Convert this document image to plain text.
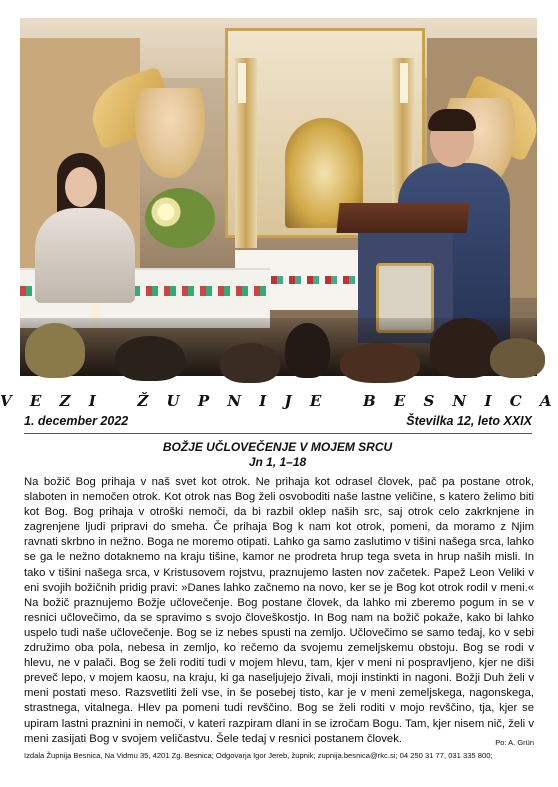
V E Z I   Ž U P N I J E   B E S N I C A
1. december 2022	Številka 12, leto XXIX
BOŽJE UČLOVEČENJE V MOJEM SRCU
Jn 1, 1–18
Na božič Bog prihaja v naš svet kot otrok. Ne prihaja kot odrasel človek, pač pa postane otrok, slaboten in nemočen otrok. Kot otrok nas Bog želi osvoboditi naše lastne veličine, s katero želimo biti kot Bog. Bog prihaja v otroški nemoči, da bi razbil oklep naših src, saj otrok celo zakrknjene in zagrenjene ljudi pripravi do smeha. Če prihaja Bog k nam kot otrok, pomeni, da moramo z Njim ravnati skrbno in nežno. Boga ne moremo otipati. Lahko ga samo zaslutimo v tišini našega srca, lahko se ga le nežno dotaknemo na kraju tišine, kamor ne prodreta hrup tega sveta in hrup naših misli. In tako v tišini našega srca, v Kristusovem rojstvu, praznujemo lasten nov začetek. Papež Leon Veliki v eni svojih božičnih pridig pravi: »Danes lahko začnemo na novo, ker se je Bog kot otrok rodil v meni.« Na božič praznujemo Božje učlovečenje. Bog postane človek, da lahko mi zberemo pogum in se v resnici učlovečimo, da se spravimo s svojo človeškostjo. In Bog nam na božič pokaže, kako bi lahko uspelo tudi naše učlovečenje. Bog se iz nebes spusti na zemljo. Učlovečimo se samo tedaj, ko v sebi združimo oba pola, nebesa in zemljo, ko rečemo da svojemu zemeljskemu obstoju. Bog se rodi v hlevu, ne v palači. Bog se želi roditi tudi v mojem hlevu, tam, kjer v meni ni pospravljeno, kjer ne diši preveč lepo, v mojem kaosu, na kraju, ki ga naseljujejo živali, moji instinkti in nagoni. Božji Duh želi v meni postati meso. Razsvetliti želi vse, in še posebej tisto, kar je v meni zemeljskega, nagonskega, strastnega, vitalnega. Hlev pa pomeni tudi revščino. Bog se želi roditi v mojo revščino, tja, kjer se upiram lastni praznini in nemoči, v kateri razpiram dlani in se izročam Bogu. Tam, kjer nisem nič, želi v meni zasijati Bog v svojem veličastvu. Šele tedaj v resnici postanem človek.	Po: A. Grün
Izdala Župnija Besnica, Na Vidmu 35, 4201 Zg. Besnica; Odgovarja Igor Jereb, župnik; zupnija.besnica@rkc.si; 04 250 31 77, 031 335 800;
